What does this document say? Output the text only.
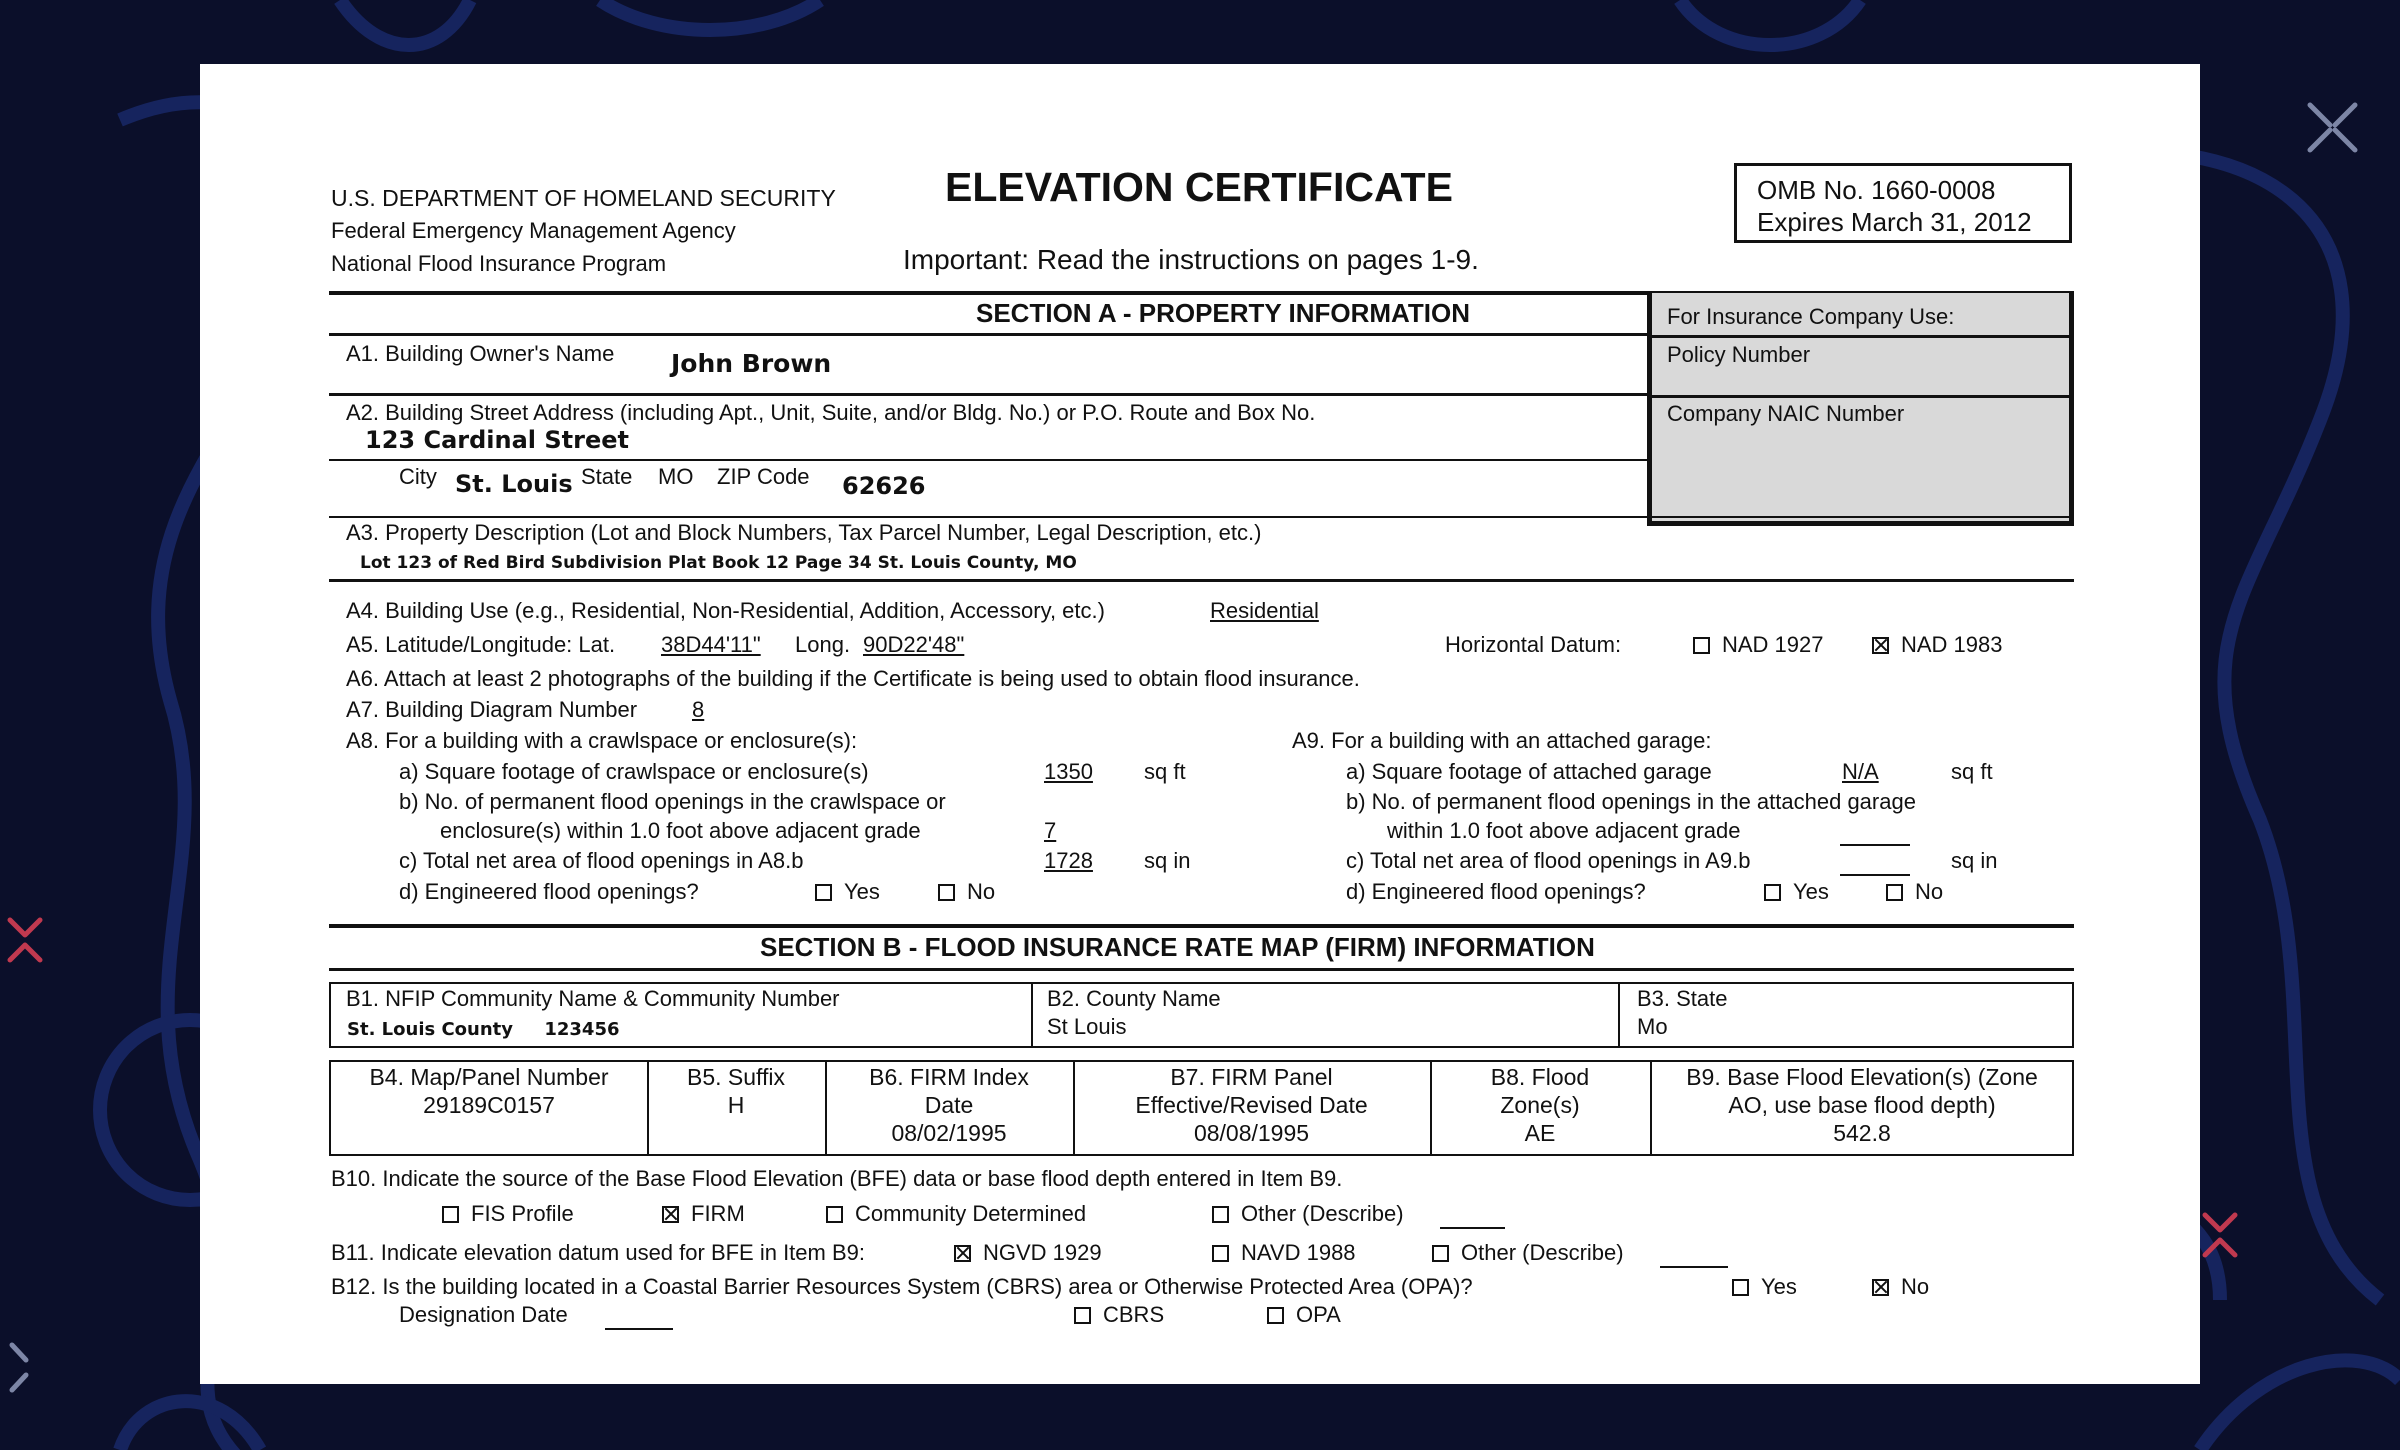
U.S. DEPARTMENT OF HOMELAND SECURITY
Federal Emergency Management Agency
National Flood Insurance Program
ELEVATION CERTIFICATE
Important: Read the instructions on pages 1-9.
OMB No. 1660-0008
Expires March 31, 2012
SECTION A - PROPERTY INFORMATION	For Insurance Company Use:
Policy Number
Company NAIC Number
A1. Building Owner's Name John Brown
A2. Building Street Address (including Apt., Unit, Suite, and/or Bldg. No.) or P.O. Route and Box No.
123 Cardinal Street
City St. Louis State MO ZIP Code 62626
A3. Property Description (Lot and Block Numbers, Tax Parcel Number, Legal Description, etc.)
Lot 123 of Red Bird Subdivision Plat Book 12 Page 34 St. Louis County, MO
A4. Building Use (e.g., Residential, Non-Residential, Addition, Accessory, etc.)	Residential
A5. Latitude/Longitude: Lat. 38D44'11" Long. 90D22'48"	Horizontal Datum:	NAD 1927	NAD 1983
A6. Attach at least 2 photographs of the building if the Certificate is being used to obtain flood insurance.
A7. Building Diagram Number 8
A8. For a building with a crawlspace or enclosure(s):
a) Square footage of crawlspace or enclosure(s)	1350 sq ft
b) No. of permanent flood openings in the crawlspace or
enclosure(s) within 1.0 foot above adjacent grade	7
c) Total net area of flood openings in A8.b	1728 sq in
d) Engineered flood openings?	Yes	No
A9. For a building with an attached garage:
a) Square footage of attached garage	N/A	sq ft
b) No. of permanent flood openings in the attached garage
within 1.0 foot above adjacent grade
c) Total net area of flood openings in A9.b	sq in
d) Engineered flood openings?	Yes	No
SECTION B - FLOOD INSURANCE RATE MAP (FIRM) INFORMATION
B1. NFIP Community Name & Community Number
St. Louis County     123456
B2. County Name
St Louis
B3. State
Mo
B4. Map/Panel Number
29189C0157
B5. Suffix
H
B6. FIRM Index Date
08/02/1995
B7. FIRM Panel Effective/Revised Date
08/08/1995
B8. Flood Zone(s)
AE
B9. Base Flood Elevation(s) (Zone AO, use base flood depth)
542.8
B10. Indicate the source of the Base Flood Elevation (BFE) data or base flood depth entered in Item B9.
FIS Profile	FIRM	Community Determined	Other (Describe)
B11. Indicate elevation datum used for BFE in Item B9:	NGVD 1929	NAVD 1988	Other (Describe)
B12. Is the building located in a Coastal Barrier Resources System (CBRS) area or Otherwise Protected Area (OPA)?	Yes	No
Designation Date	CBRS	OPA
